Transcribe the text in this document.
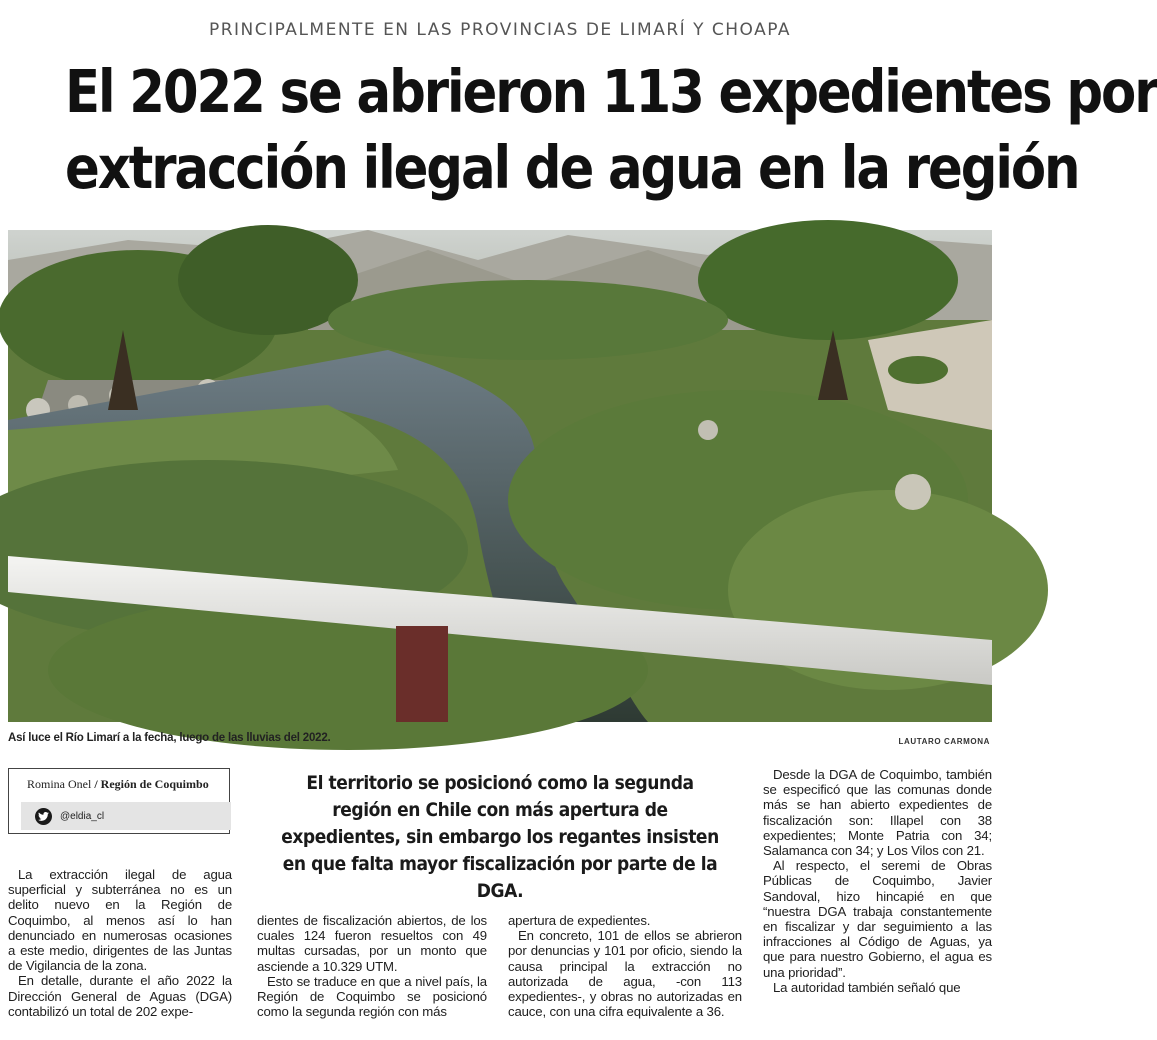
PRINCIPALMENTE EN LAS PROVINCIAS DE LIMARÍ Y CHOAPA
El 2022 se abrieron 113 expedientes por
extracción ilegal de agua en la región
Así luce el Río Limarí a la fecha, luego de las lluvias del 2022.	LAUTARO CARMONA
Romina Onel / Región de Coquimbo
@eldia_cl
El territorio se posicionó como la segunda región en Chile con más apertura de expedientes, sin embargo los regantes insisten en que falta mayor fiscalización por parte de la DGA.

La extracción ilegal de agua superficial y subterránea no es un delito nuevo en la Región de Coquimbo, al menos así lo han denunciado en numerosas ocasiones a este medio, dirigentes de las Juntas de Vigilancia de la zona.

En detalle, durante el año 2022 la Dirección General de Aguas (DGA) contabilizó un total de 202 expe-

dientes de fiscalización abiertos, de los cuales 124 fueron resueltos con 49 multas cursadas, por un monto que asciende a 10.329 UTM.

Esto se traduce en que a nivel país, la Región de Coquimbo se posicionó como la segunda región con más

apertura de expedientes.

En concreto, 101 de ellos se abrieron por denuncias y 101 por oficio, siendo la causa principal la extracción no autorizada de agua, -con 113 expedientes-, y obras no autorizadas en cauce, con una cifra equivalente a 36.

Desde la DGA de Coquimbo, también se especificó que las comunas donde más se han abierto expedientes de fiscalización son: Illapel con 38 expedientes; Monte Patria con 34; Salamanca con 34; y Los Vilos con 21.

Al respecto, el seremi de Obras Públicas de Coquimbo, Javier Sandoval, hizo hincapié en que “nuestra DGA trabaja constantemente en fiscalizar y dar seguimiento a las infracciones al Código de Aguas, ya que para nuestro Gobierno, el agua es una prioridad”.

La autoridad también señaló que
